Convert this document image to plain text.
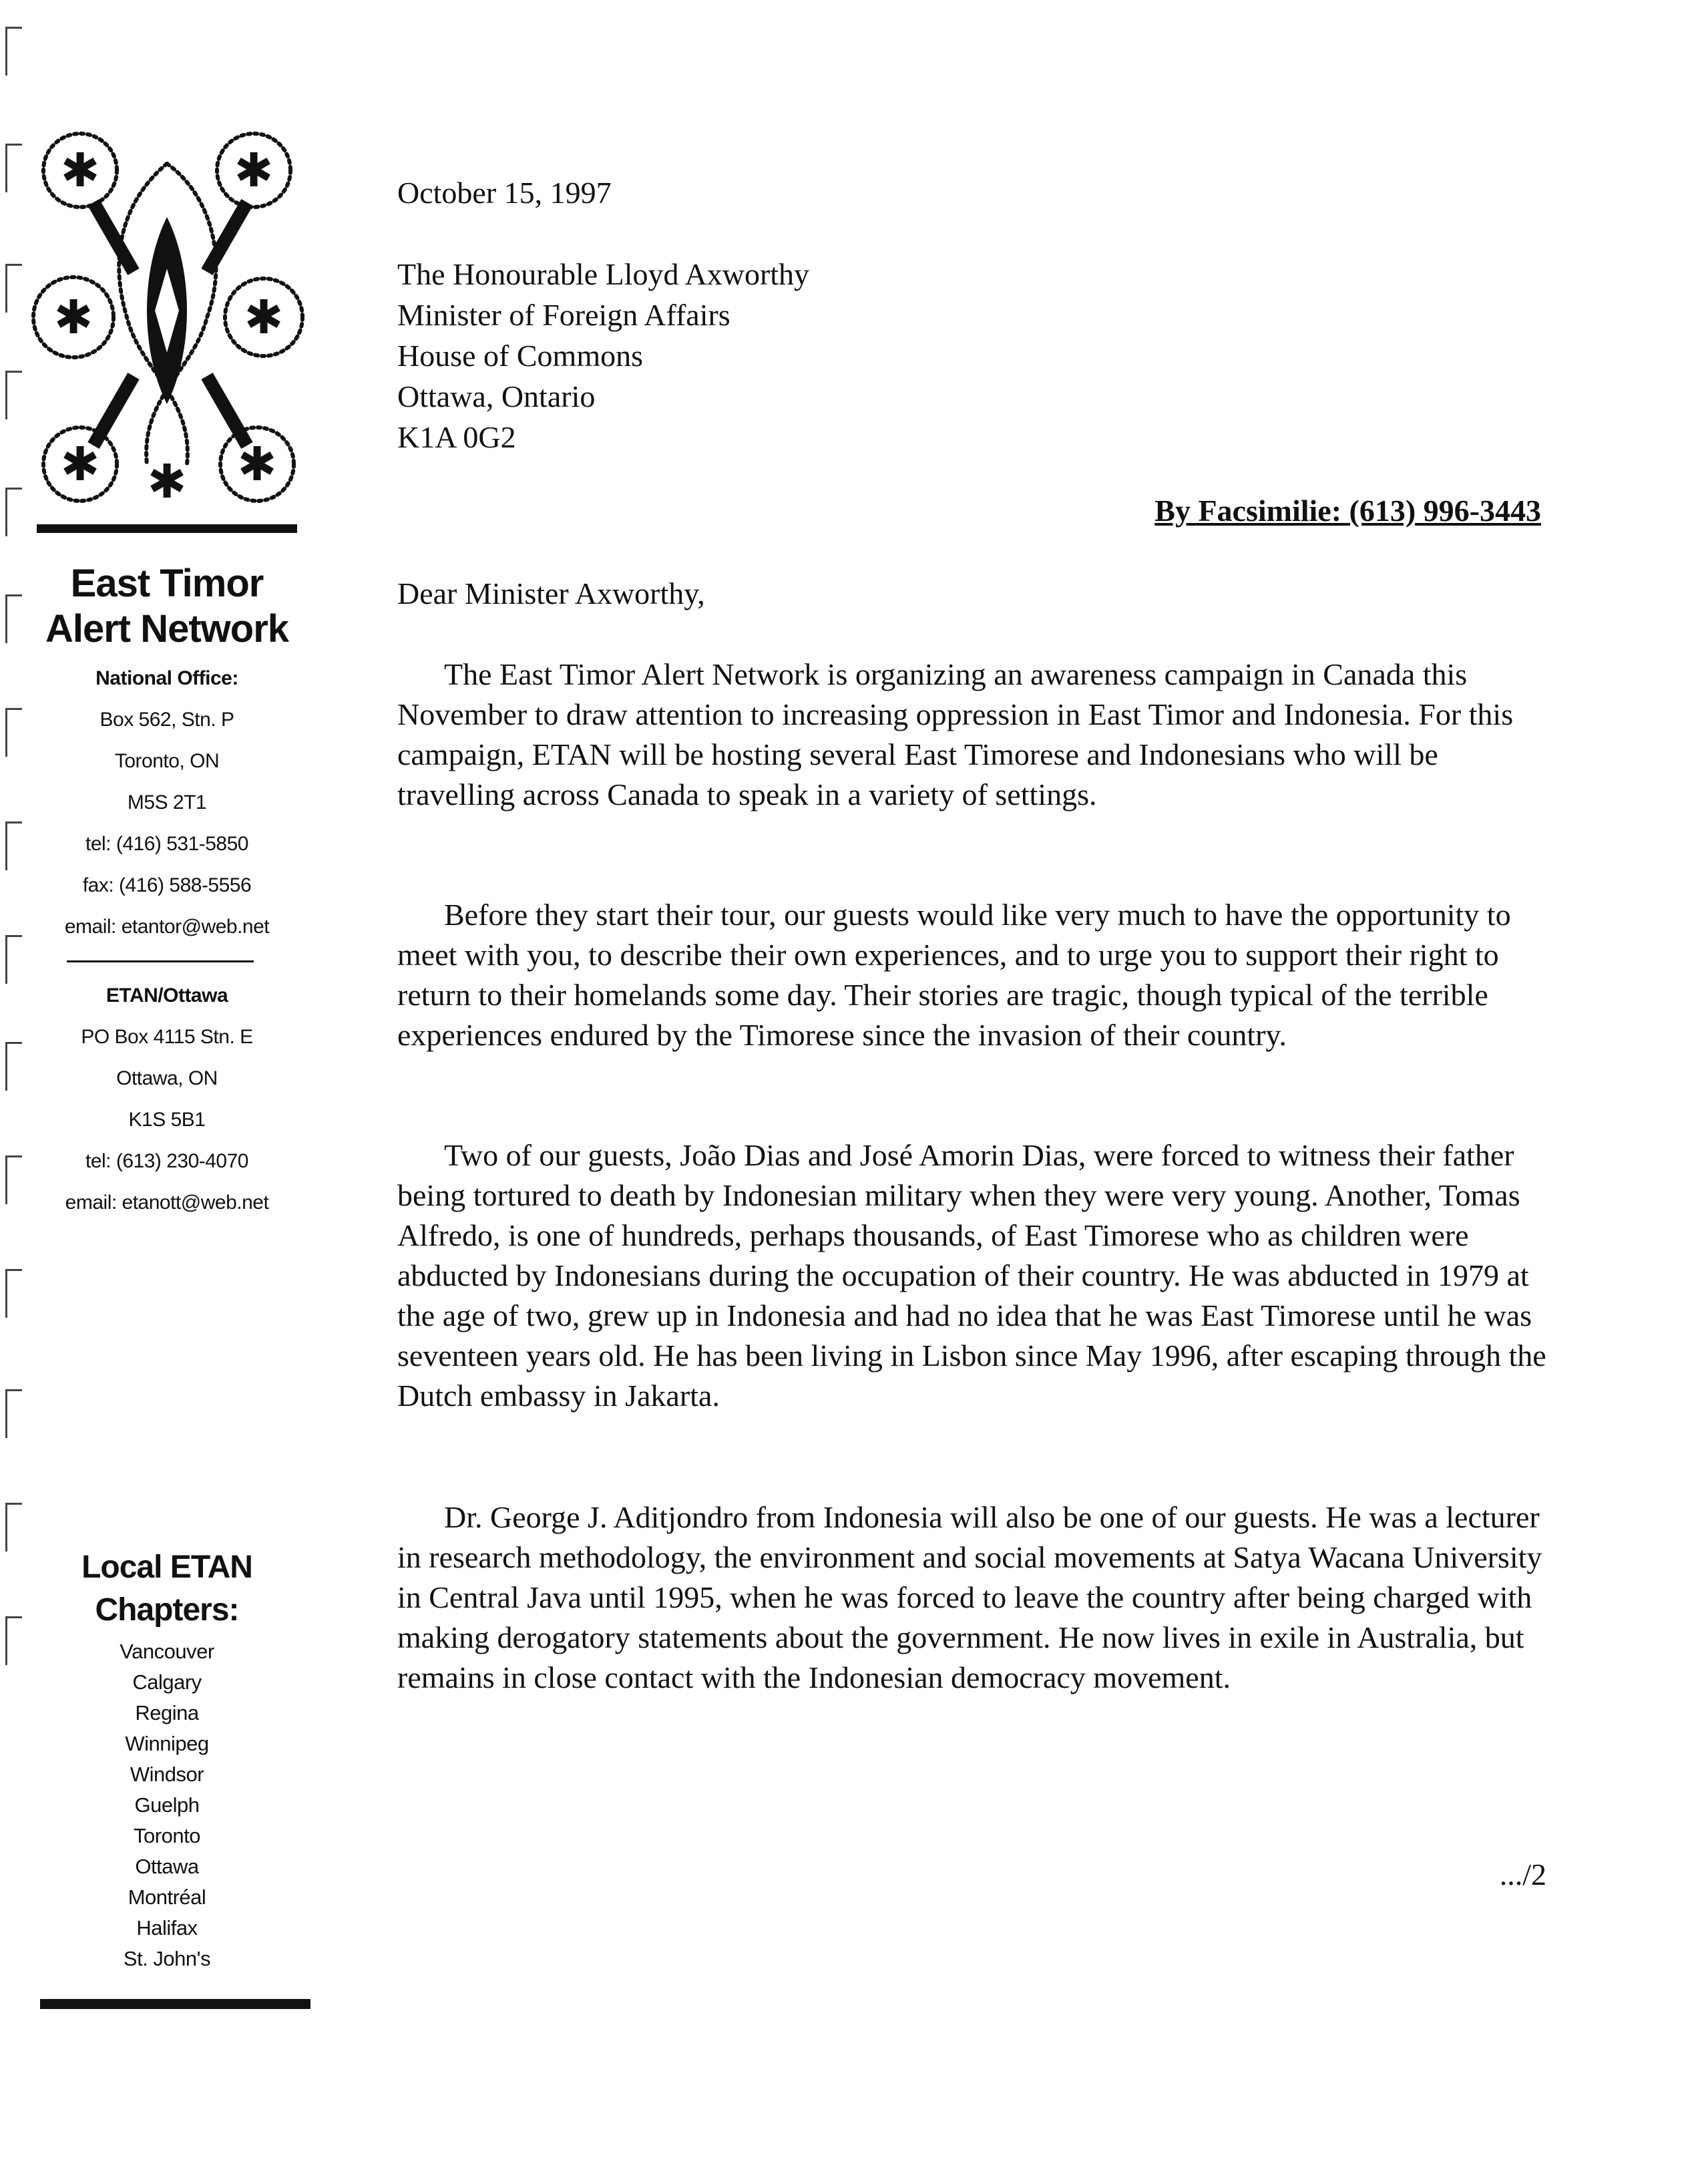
✱	✱
✱	✱
✱	✱
✱
East Timor
Alert Network
National Office:
Box 562, Stn. P
Toronto, ON
M5S 2T1
tel: (416) 531-5850
fax: (416) 588-5556
email: etantor@web.net
ETAN/Ottawa
PO Box 4115 Stn. E
Ottawa, ON
K1S 5B1
tel: (613) 230-4070
email: etanott@web.net
Local ETAN
Chapters:
Vancouver
Calgary
Regina
Winnipeg
Windsor
Guelph
Toronto
Ottawa
Montréal
Halifax
St. John's
October 15, 1997
The Honourable Lloyd Axworthy
Minister of Foreign Affairs
House of Commons
Ottawa, Ontario
K1A 0G2
By Facsimilie: (613) 996-3443
Dear Minister Axworthy,

The East Timor Alert Network is organizing an awareness campaign in Canada this November to draw attention to increasing oppression in East Timor and Indonesia. For this campaign, ETAN will be hosting several East Timorese and Indonesians who will be travelling across Canada to speak in a variety of settings.

Before they start their tour, our guests would like very much to have the opportunity to meet with you, to describe their own experiences, and to urge you to support their right to return to their homelands some day. Their stories are tragic, though typical of the terrible experiences endured by the Timorese since the invasion of their country.

Two of our guests, João Dias and José Amorin Dias, were forced to witness their father being tortured to death by Indonesian military when they were very young. Another, Tomas Alfredo, is one of hundreds, perhaps thousands, of East Timorese who as children were abducted by Indonesians during the occupation of their country. He was abducted in 1979 at the age of two, grew up in Indonesia and had no idea that he was East Timorese until he was seventeen years old. He has been living in Lisbon since May 1996, after escaping through the Dutch embassy in Jakarta.

Dr. George J. Aditjondro from Indonesia will also be one of our guests. He was a lecturer in research methodology, the environment and social movements at Satya Wacana University in Central Java until 1995, when he was forced to leave the country after being charged with making derogatory statements about the government. He now lives in exile in Australia, but remains in close contact with the Indonesian democracy movement.

.../2
